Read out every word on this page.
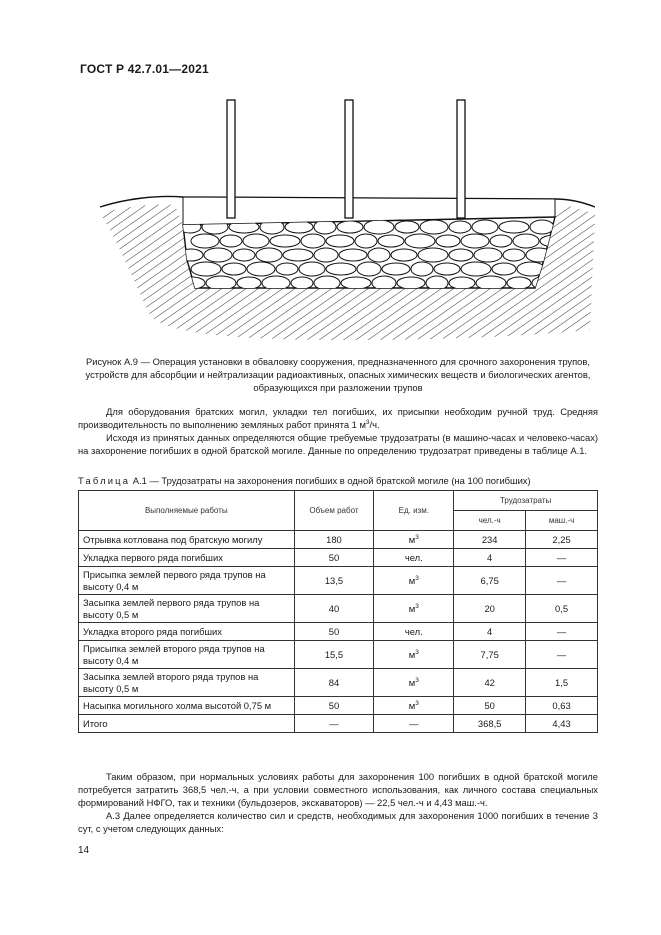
ГОСТ Р 42.7.01—2021
Рисунок А.9 — Операция установки в обваловку сооружения, предназначенного для срочного захоронения трупов, устройств для абсорбции и нейтрализации радиоактивных, опасных химических веществ и биологических агентов, образующихся при разложении трупов
Для оборудования братских могил, укладки тел погибших, их присыпки необходим ручной труд. Средняя производительность по выполнению земляных работ принята 1 $м^3/ч$.
Исходя из принятых данных определяются общие требуемые трудозатраты (в машино-часах и человеко-часах) на захоронение погибших в одной братской могиле. Данные по определению трудозатрат приведены в таблице А.1.
Таблица А.1 — Трудозатраты на захоронения погибших в одной братской могиле (на 100 погибших)
Выполняемые работы	Объем работ	Ед. изм.	Трудозатраты	
			чел.-ч	маш.-ч
Отрывка котлована под братскую могилу	180	$м^3$	234	2,25
Укладка первого ряда погибших	50	чел.	4	—
Присыпка землей первого ряда трупов на высоту 0,4 м	13,5	$м^3$	6,75	—
Засыпка землей первого ряда трупов на высоту 0,5 м	40	$м^3$	20	0,5
Укладка второго ряда погибших	50	чел.	4	—
Присыпка землей второго ряда трупов на высоту 0,4 м	15,5	$м^3$	7,75	—
Засыпка землей второго ряда трупов на высоту 0,5 м	84	$м^3$	42	1,5
Насыпка могильного холма высотой 0,75 м	50	$м^3$	50	0,63
Итого	—	—	368,5	4,43
Таким образом, при нормальных условиях работы для захоронения 100 погибших в одной братской могиле потребуется затратить 368,5 чел.-ч, а при условии совместного использования, как личного состава специальных формирований НФГО, так и техники (бульдозеров, экскаваторов) — 22,5 чел.-ч и 4,43 маш.-ч.
А.3 Далее определяется количество сил и средств, необходимых для захоронения 1000 погибших в течение 3 сут, с учетом следующих данных:
14
